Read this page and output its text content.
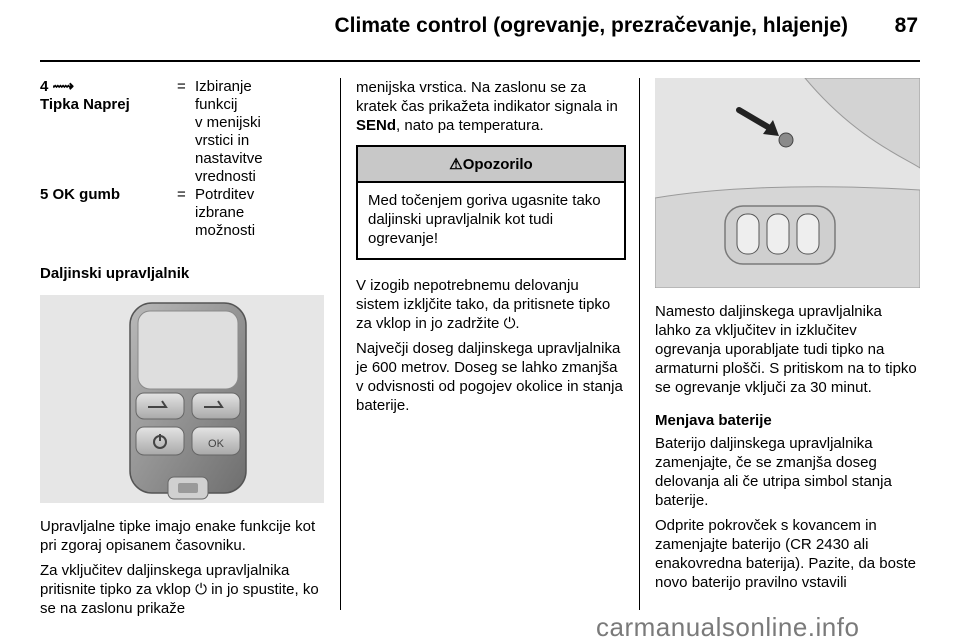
Climate control (ogrevanje, prezračevanje, hlajenje) 87
4 ⟿
Tipka Naprej
= Izbiranje
funkcij
v menijski
vrstici in
nastavitve
vrednosti
5 OK gumb	= Potrditev
izbrane
možnosti

Daljinski upravljalnik

OK

Upravljalne tipke imajo enake funkcije kot pri zgoraj opisanem časovniku.

Za vključitev daljinskega upravljalnika pritisnite tipko za vklop ⏻ in jo spustite, ko se na zaslonu prikaže

menijska vrstica. Na zaslonu se za kratek čas prikažeta indikator signala in SENd, nato pa temperatura.

⚠Opozorilo
Med točenjem goriva ugasnite tako daljinski upravljalnik kot tudi ogrevanje!

V izogib nepotrebnemu delovanju sistem izkljčite tako, da pritisnete tipko za vklop in jo zadržite ⏻.

Največji doseg daljinskega upravljalnika je 600 metrov. Doseg se lahko zmanjša v odvisnosti od pogojev okolice in stanja baterije.

Namesto daljinskega upravljalnika lahko za vključitev in izklučitev ogrevanja uporabljate tudi tipko na armaturni plošči. S pritiskom na to tipko se ogrevanje vključi za 30 minut.

Menjava baterije

Baterijo daljinskega upravljalnika zamenjajte, če se zmanjša doseg delovanja ali če utripa simbol stanja baterije.

Odprite pokrovček s kovancem in zamenjajte baterijo (CR 2430 ali enakovredna baterija). Pazite, da boste novo baterijo pravilno vstavili

carmanualsonline.info
